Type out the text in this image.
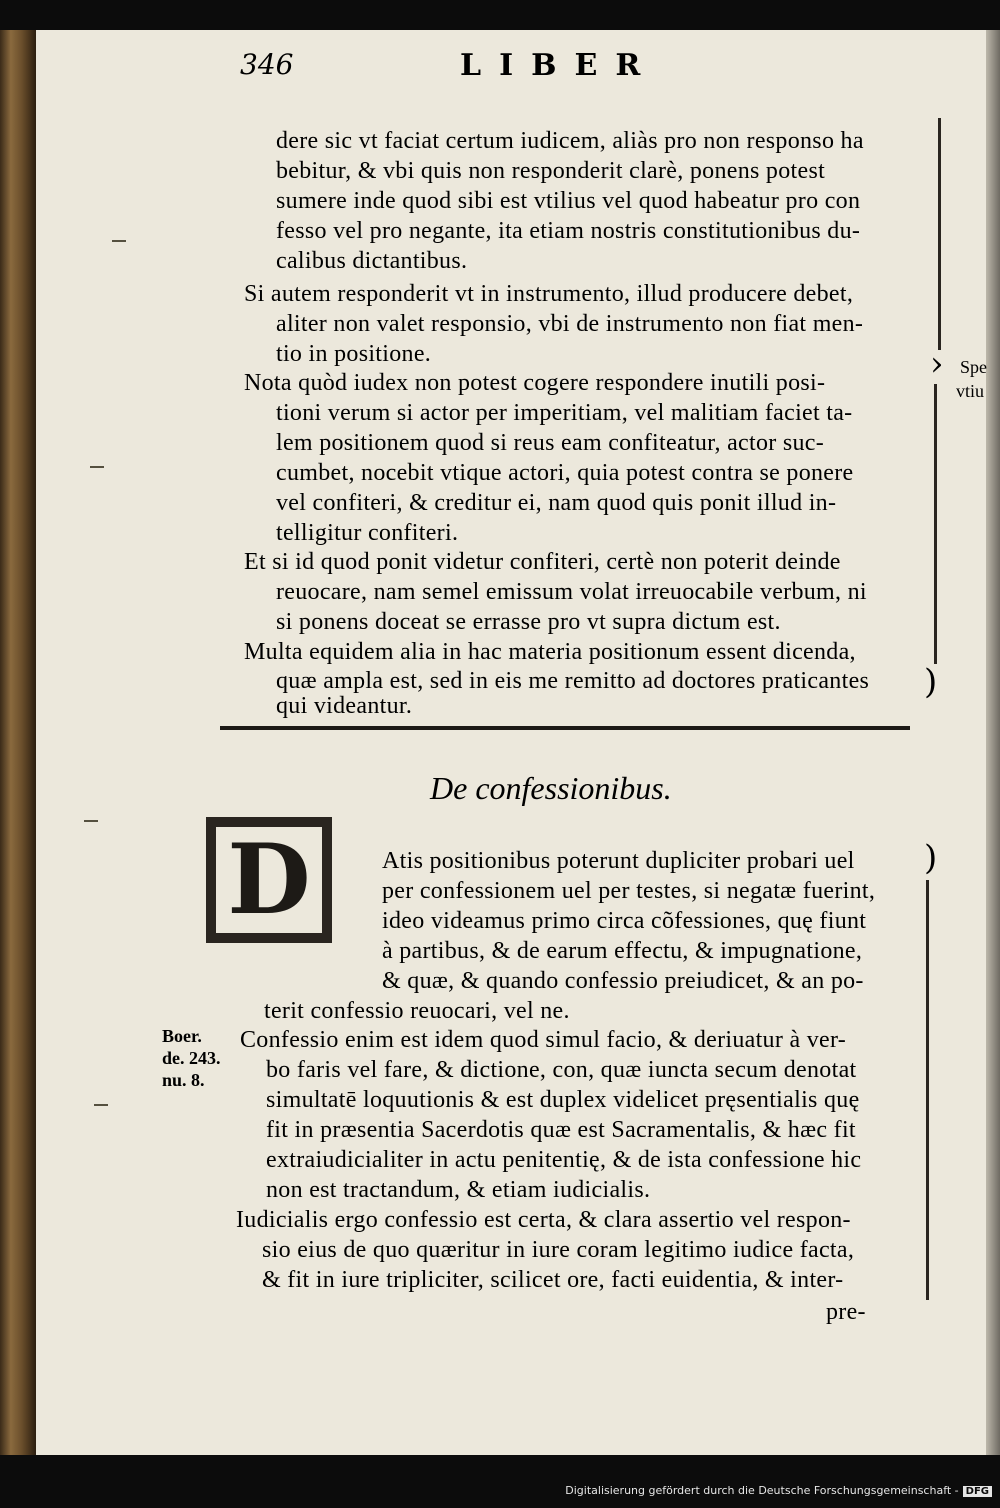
346	LIBER
dere sic vt faciat certum iudicem, aliàs pro non responso ha
bebitur, & vbi quis non responderit clarè, ponens potest
sumere inde quod sibi est vtilius vel quod habeatur pro con
fesso vel pro negante, ita etiam nostris constitutionibus du-
calibus dictantibus.
Si autem responderit vt in instrumento, illud producere debet,
aliter non valet responsio, vbi de instrumento non fiat men-
tio in positione.
Nota quòd iudex non potest cogere respondere inutili posi-
tioni verum si actor per imperitiam, vel malitiam faciet ta-
lem positionem quod si reus eam confiteatur, actor suc-
cumbet, nocebit vtique actori, quia potest contra se ponere
vel confiteri, & creditur ei, nam quod quis ponit illud in-
telligitur confiteri.
Et si id quod ponit videtur confiteri, certè non poterit deinde
reuocare, nam semel emissum volat irreuocabile verbum, ni
si ponens doceat se errasse pro vt supra dictum est.
Multa equidem alia in hac materia positionum essent dicenda,
quæ ampla est, sed in eis me remitto ad doctores praticantes
qui videantur.
De confessionibus.
D	Atis positionibus poterunt dupliciter probari uel
per confessionem uel per testes, si negatæ fuerint,
ideo videamus primo circa cõfessiones, quę fiunt
à partibus, & de earum effectu, & impugnatione,
& quæ, & quando confessio preiudicet, & an po-
terit confessio reuocari, vel ne.
Confessio enim est idem quod simul facio, & deriuatur à ver-
bo faris vel fare, & dictione, con, quæ iuncta secum denotat
simultatē loquutionis & est duplex videlicet pręsentialis quę
fit in præsentia Sacerdotis quæ est Sacramentalis, & hæc fit
extraiudicialiter in actu penitentię, & de ista confessione hic
non est tractandum, & etiam iudicialis.
Iudicialis ergo confessio est certa, & clara assertio vel respon-
sio eius de quo quæritur in iure coram legitimo iudice facta,
& fit in iure tripliciter, scilicet ore, facti euidentia, & inter-
pre-
Boer.
de. 243.
nu. 8.
Spe
vtiu
›
)
)
Digitalisierung gefördert durch die Deutsche Forschungsgemeinschaft - DFG
